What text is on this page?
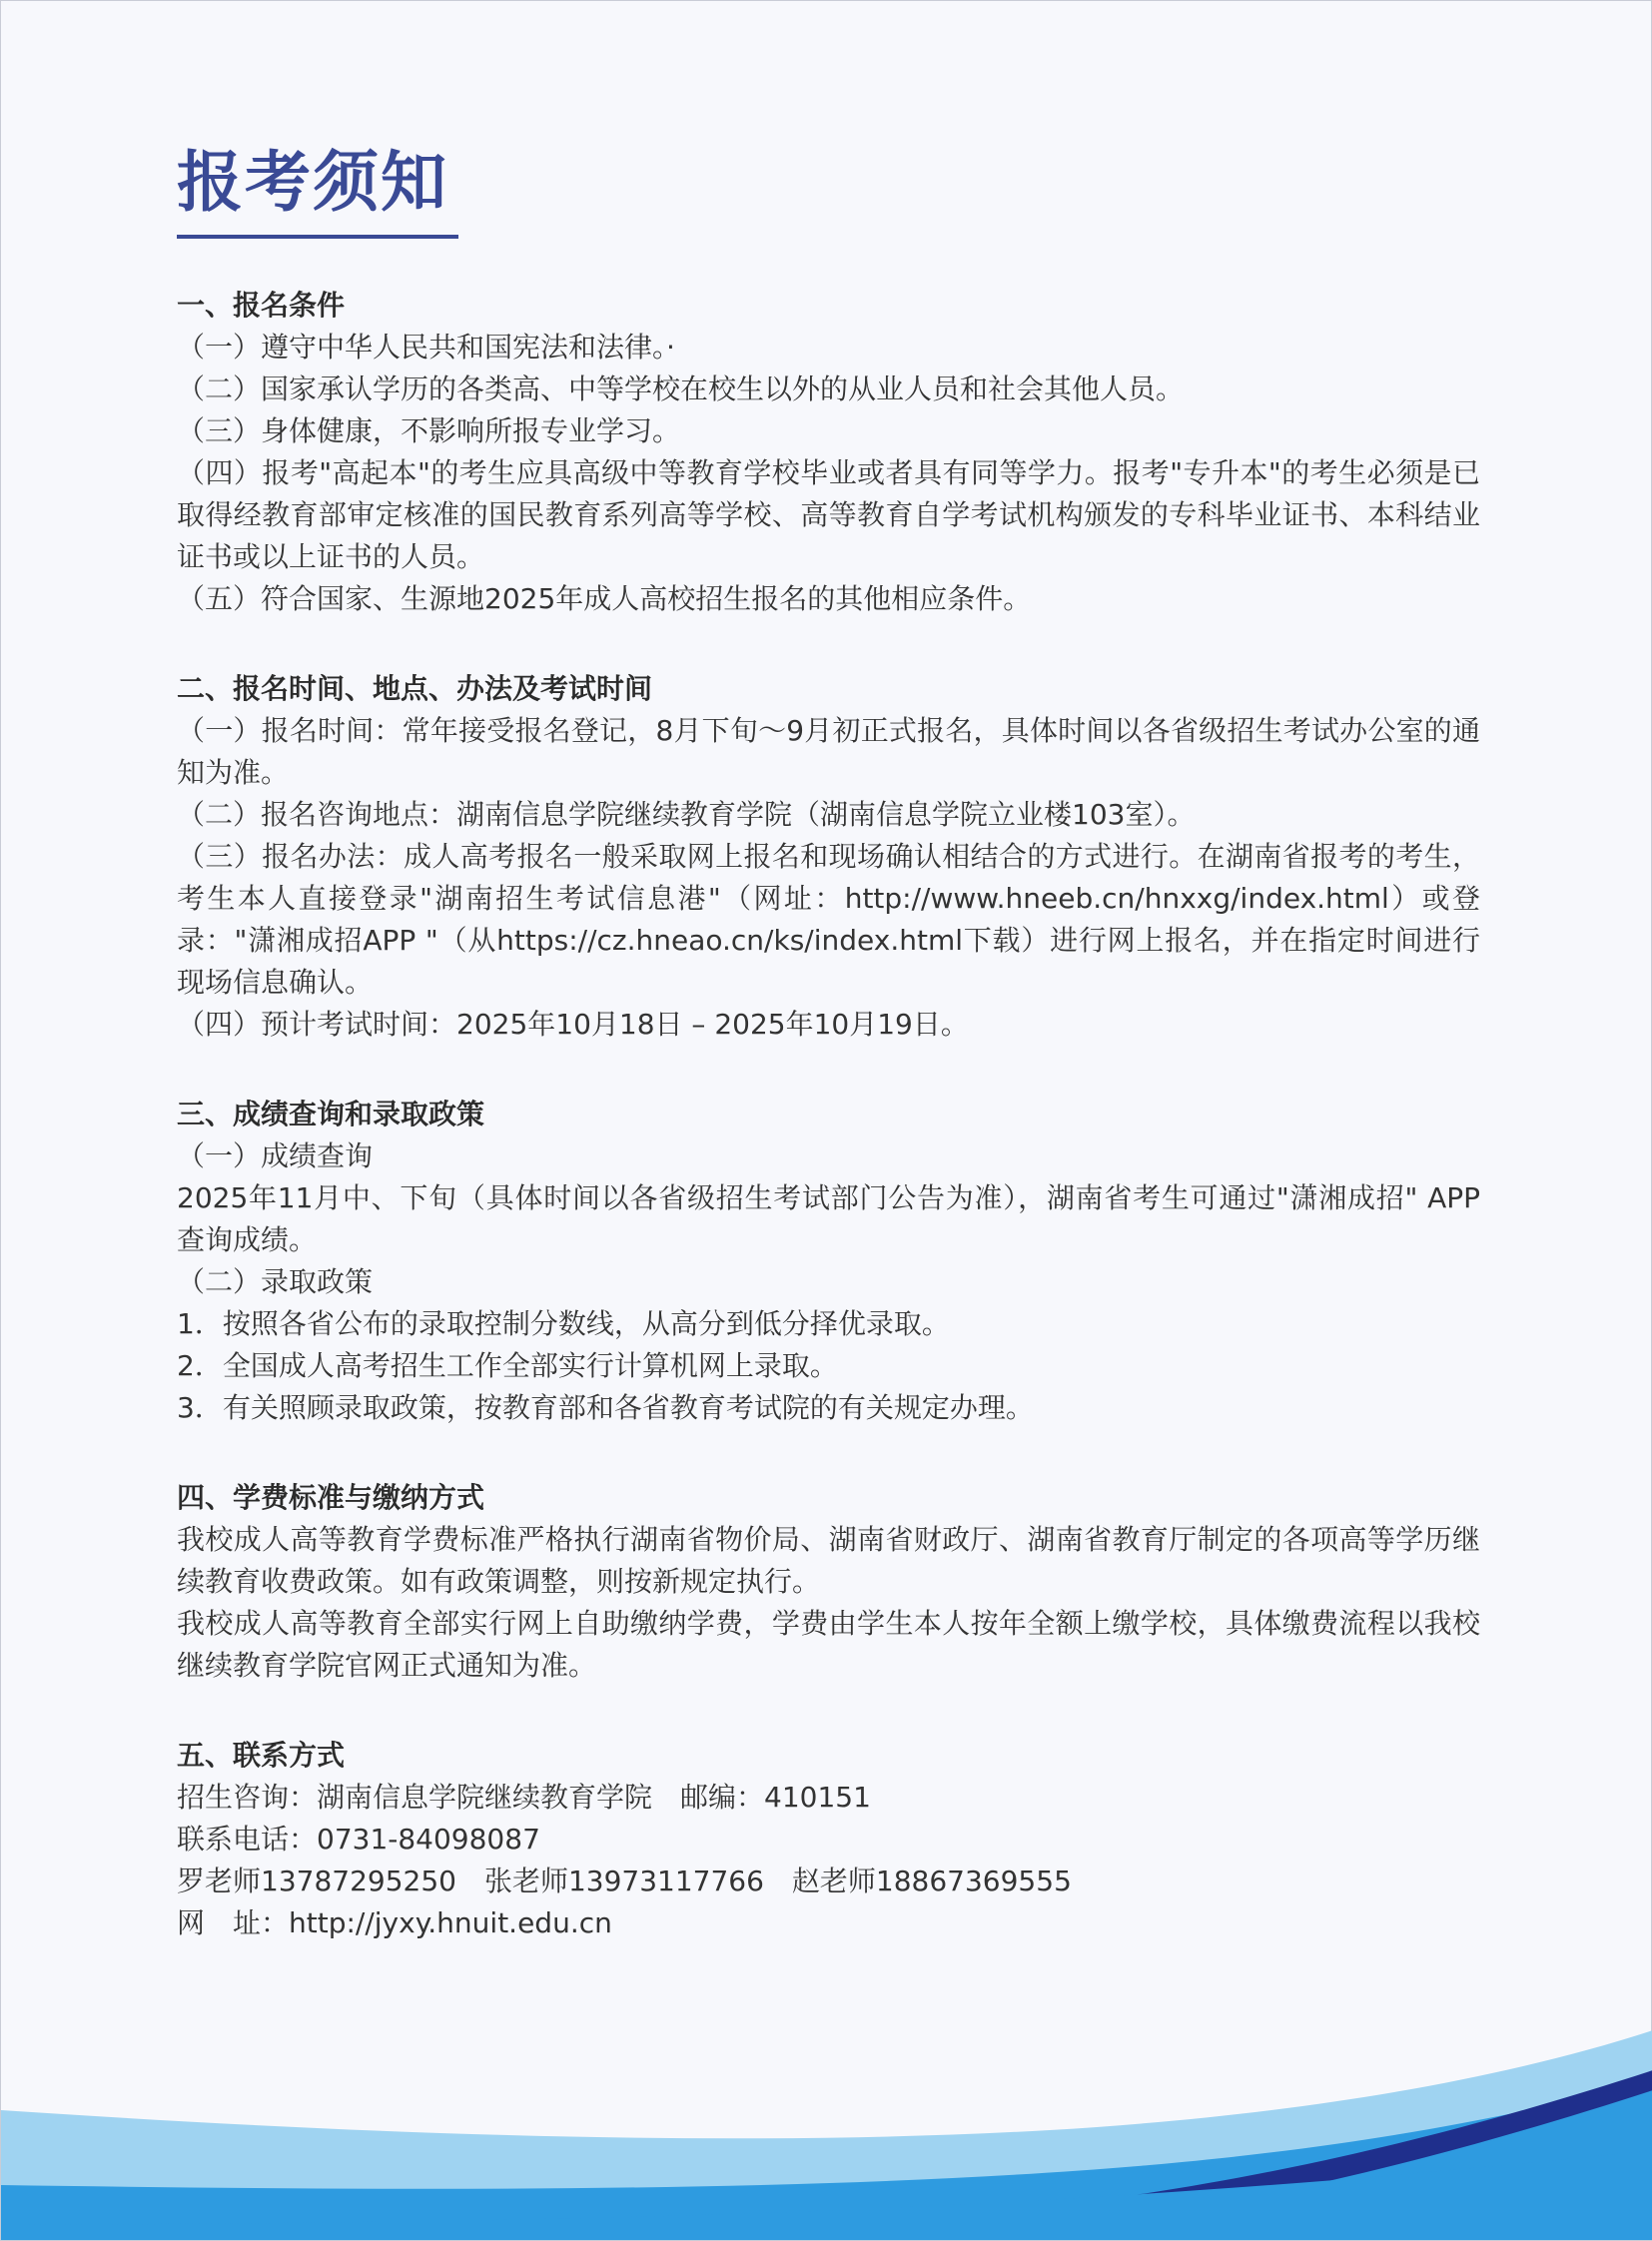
报考须知

一、报名条件

（一）遵守中华人民共和国宪法和法律。·

（二）国家承认学历的各类高、中等学校在校生以外的从业人员和社会其他人员。

（三）身体健康，不影响所报专业学习。

（四）报考"高起本"的考生应具高级中等教育学校毕业或者具有同等学力。报考"专升本"的考生必须是已取得经教育部审定核准的国民教育系列高等学校、高等教育自学考试机构颁发的专科毕业证书、本科结业证书或以上证书的人员。

（五）符合国家、生源地2025年成人高校招生报名的其他相应条件。

二、报名时间、地点、办法及考试时间

（一）报名时间：常年接受报名登记，8月下旬～9月初正式报名，具体时间以各省级招生考试办公室的通知为准。

（二）报名咨询地点：湖南信息学院继续教育学院（湖南信息学院立业楼103室）。

（三）报名办法：成人高考报名一般采取网上报名和现场确认相结合的方式进行。在湖南省报考的考生，考生本人直接登录"湖南招生考试信息港"（网址：http://www.hneeb.cn/hnxxg/index.html）或登录："潇湘成招APP "（从https://cz.hneao.cn/ks/index.html下载）进行网上报名，并在指定时间进行现场信息确认。

（四）预计考试时间：2025年10月18日 – 2025年10月19日。

三、成绩查询和录取政策

（一）成绩查询

2025年11月中、下旬（具体时间以各省级招生考试部门公告为准），湖南省考生可通过"潇湘成招" APP 查询成绩。

（二）录取政策

1．按照各省公布的录取控制分数线，从高分到低分择优录取。

2．全国成人高考招生工作全部实行计算机网上录取。

3．有关照顾录取政策，按教育部和各省教育考试院的有关规定办理。

四、学费标准与缴纳方式

我校成人高等教育学费标准严格执行湖南省物价局、湖南省财政厅、湖南省教育厅制定的各项高等学历继续教育收费政策。如有政策调整，则按新规定执行。

我校成人高等教育全部实行网上自助缴纳学费，学费由学生本人按年全额上缴学校，具体缴费流程以我校继续教育学院官网正式通知为准。

五、联系方式

招生咨询：湖南信息学院继续教育学院　邮编：410151

联系电话：0731-84098087

罗老师13787295250　张老师13973117766　赵老师18867369555

网　址：http://jyxy.hnuit.edu.cn
